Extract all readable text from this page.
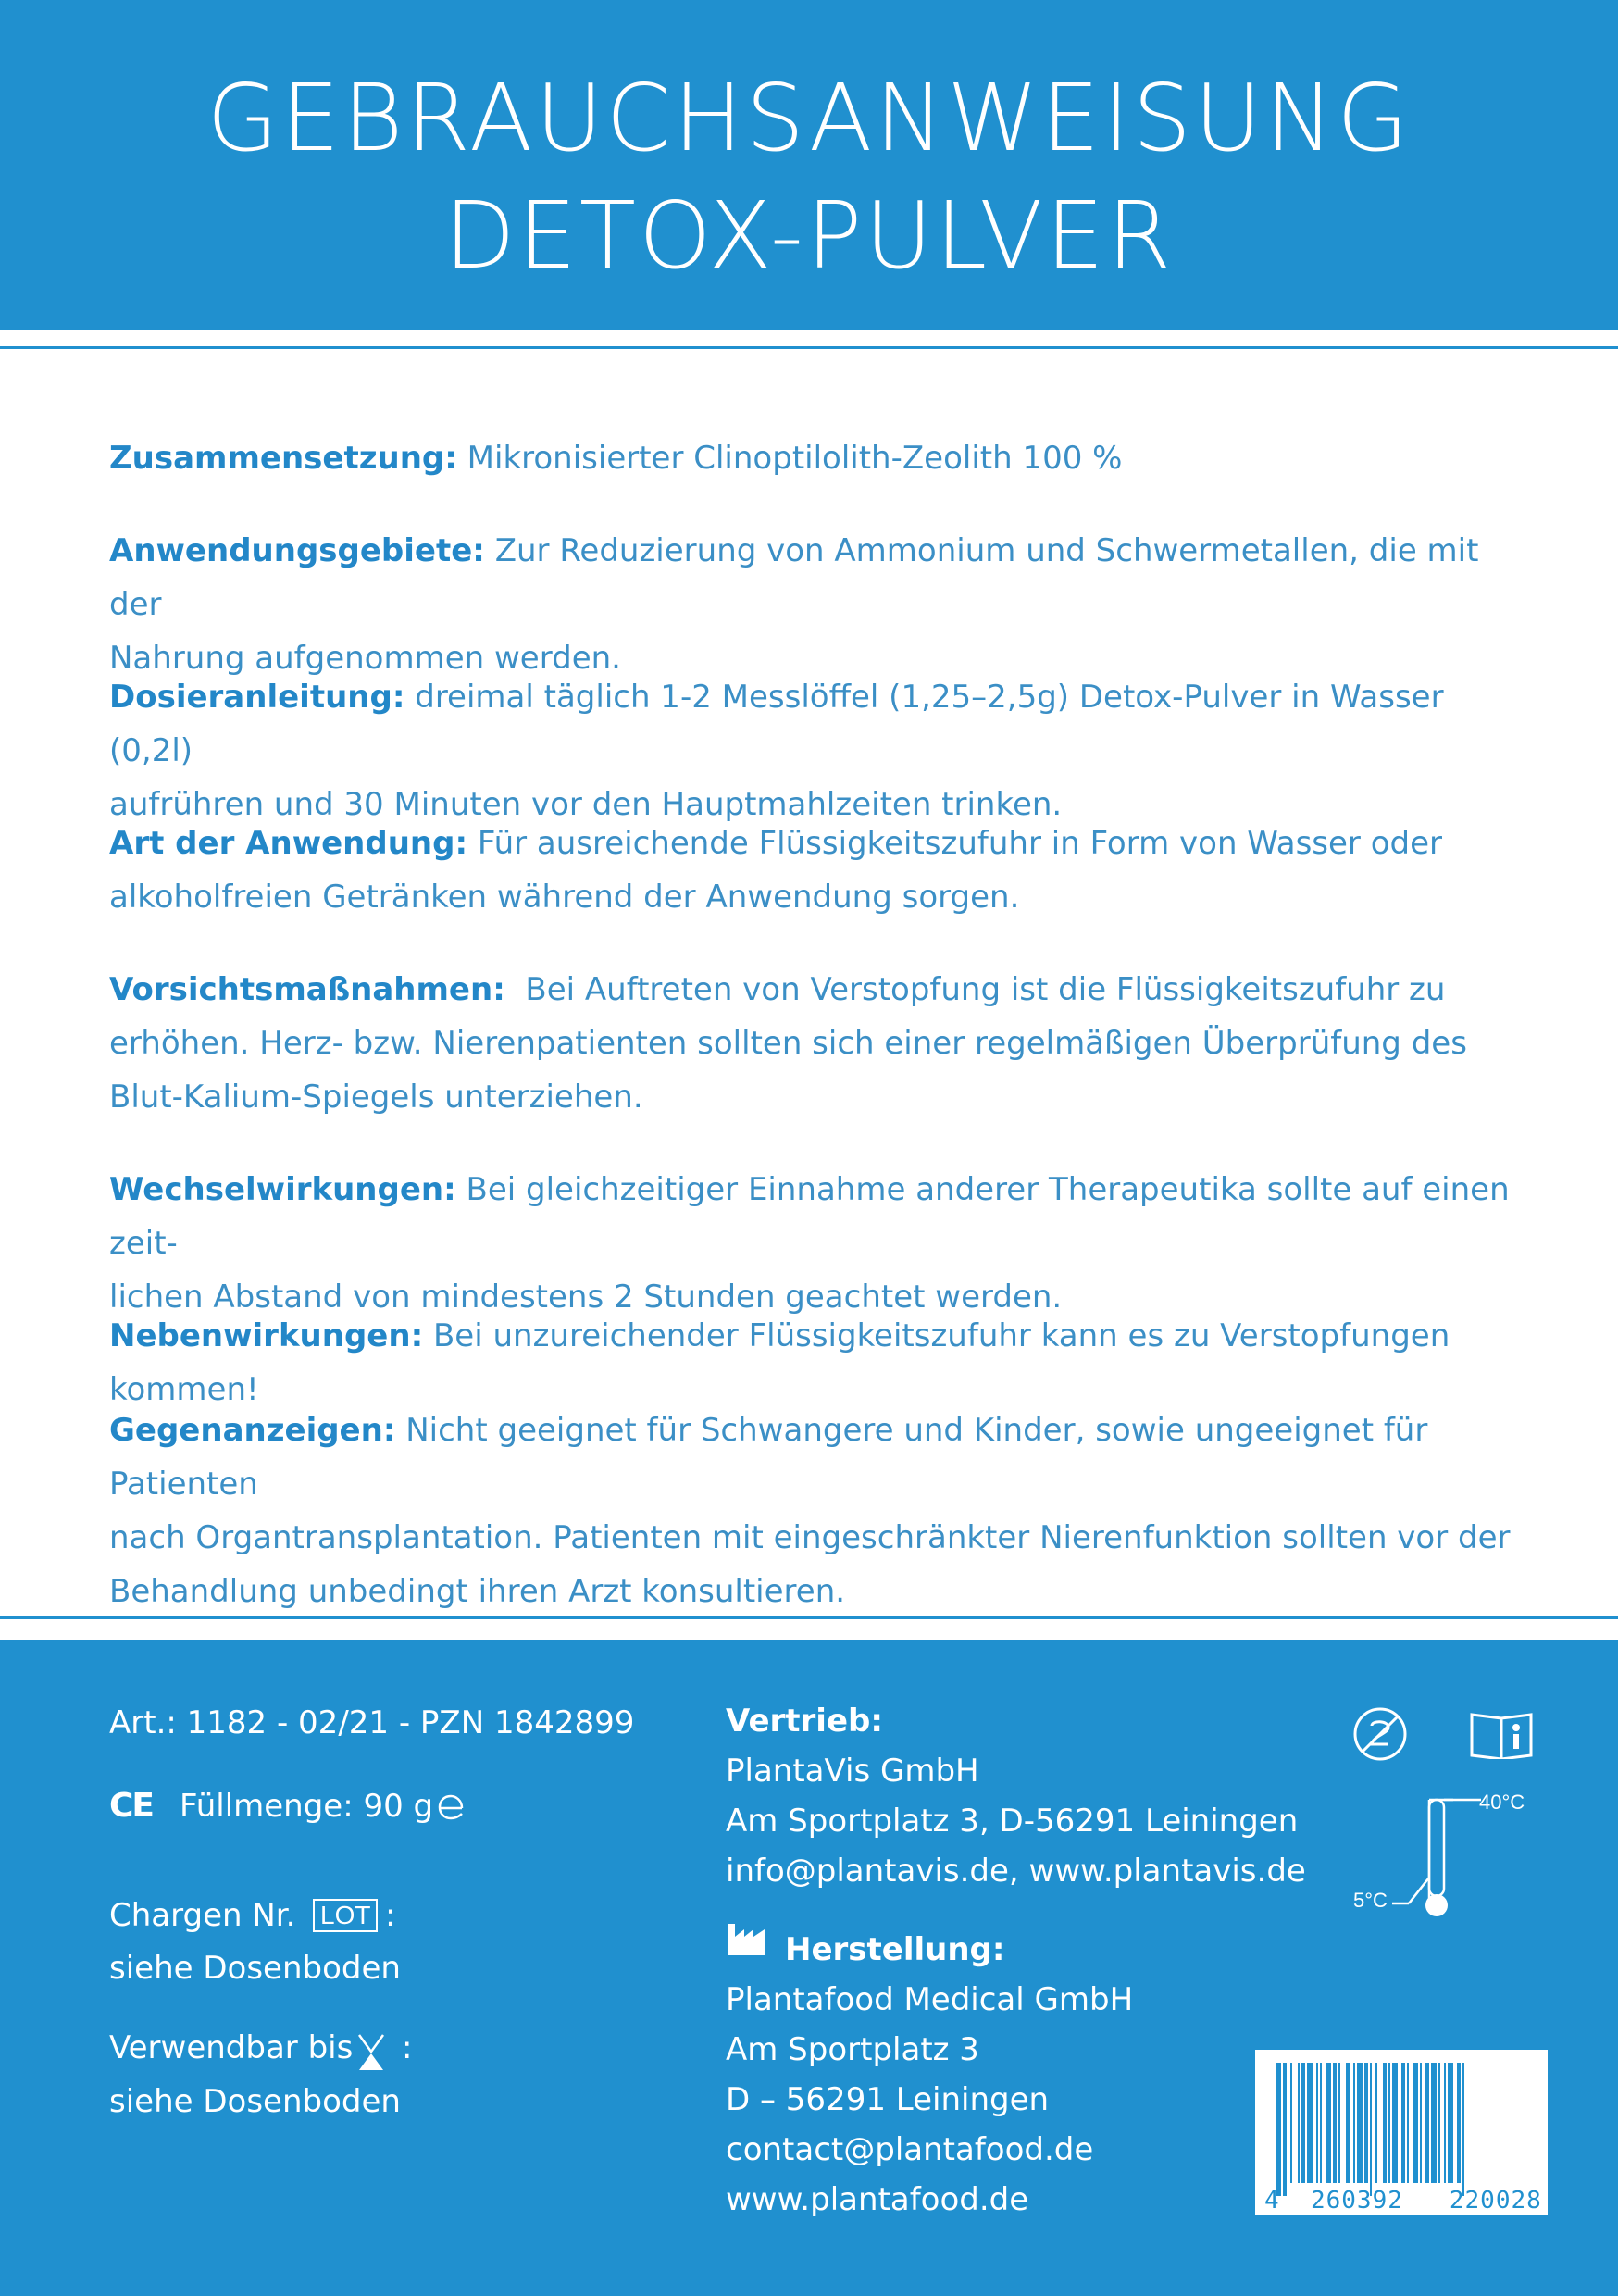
GEBRAUCHSANWEISUNG
DETOX-PULVER
Zusammensetzung: Mikronisierter Clinoptilolith-Zeolith 100 %
Anwendungsgebiete: Zur Reduzierung von Ammonium und Schwermetallen, die mit der
Nahrung aufgenommen werden.
Dosieranleitung: dreimal täglich 1-2 Messlöffel (1,25–2,5g) Detox-Pulver in Wasser (0,2l)
aufrühren und 30 Minuten vor den Hauptmahlzeiten trinken.
Art der Anwendung: Für ausreichende Flüssigkeitszufuhr in Form von Wasser oder
alkoholfreien Getränken während der Anwendung sorgen.
Vorsichtsmaßnahmen: Bei Auftreten von Verstopfung ist die Flüssigkeitszufuhr zu
erhöhen. Herz- bzw. Nierenpatienten sollten sich einer regelmäßigen Überprüfung des
Blut-Kalium-Spiegels unterziehen.
Wechselwirkungen: Bei gleichzeitiger Einnahme anderer Therapeutika sollte auf einen zeit-
lichen Abstand von mindestens 2 Stunden geachtet werden.
Nebenwirkungen: Bei unzureichender Flüssigkeitszufuhr kann es zu Verstopfungen kommen!
Gegenanzeigen: Nicht geeignet für Schwangere und Kinder, sowie ungeeignet für Patienten
nach Organtransplantation. Patienten mit eingeschränkter Nierenfunktion sollten vor der
Behandlung unbedingt ihren Arzt konsultieren.
Art.: 1182 - 02/21 - PZN 1842899
CE Füllmenge: 90 g
Chargen Nr. LOT :
siehe Dosenboden
Verwendbar bis :
siehe Dosenboden
Vertrieb:
PlantaVis GmbH
Am Sportplatz 3, D-56291 Leiningen
info@plantavis.de, www.plantavis.de
Herstellung:
Plantafood Medical GmbH
Am Sportplatz 3
D – 56291 Leiningen
contact@plantafood.de
www.plantafood.de
40°C
5°C
4 260392 220028
